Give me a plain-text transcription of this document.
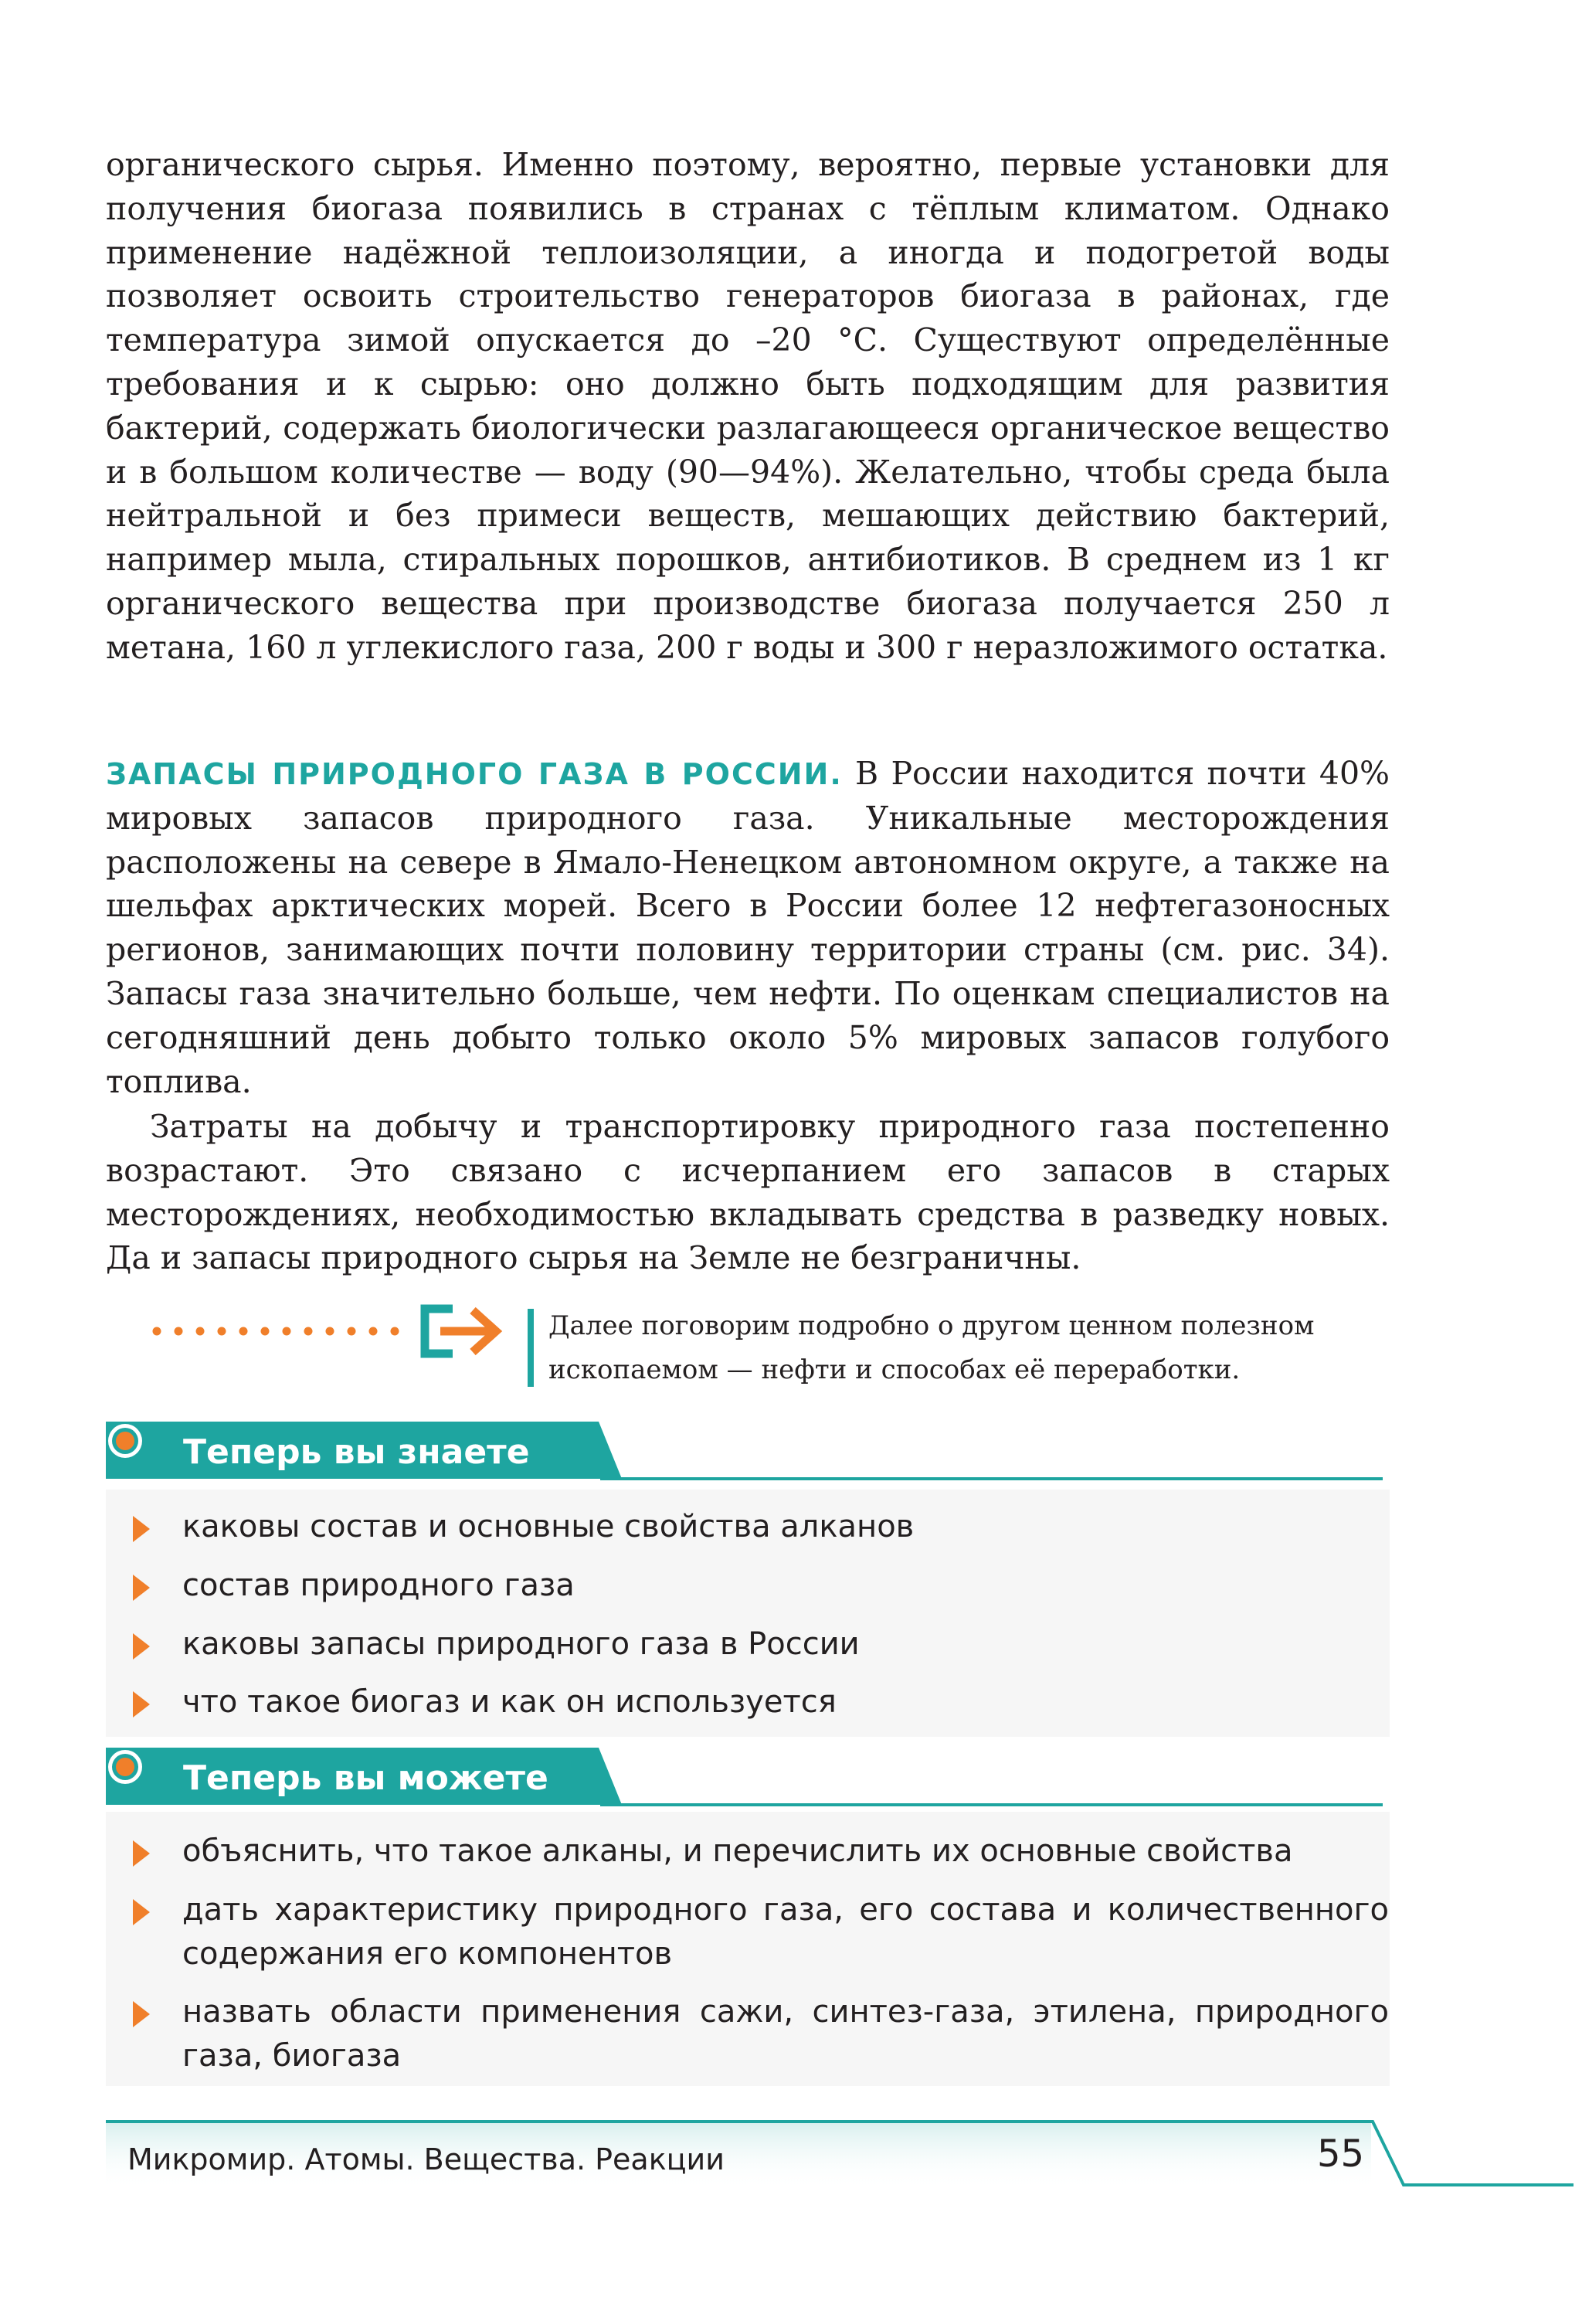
органического сырья. Именно поэтому, вероятно, первые установки для получения биогаза появились в странах с тёплым климатом. Однако применение надёжной теплоизоляции, а иногда и подогретой воды позволяет освоить строительство генераторов биогаза в районах, где температура зимой опускается до –20 °С. Существуют определённые требования и к сырью: оно должно быть подходящим для развития бактерий, содержать биологически разлагающееся органическое вещество и в большом количестве — воду (90—94%). Желательно, чтобы среда была нейтральной и без примеси веществ, мешающих действию бактерий, например мыла, стиральных порошков, антибиотиков. В среднем из 1 кг органического вещества при производстве биогаза получается 250 л метана, 160 л углекислого газа, 200 г воды и 300 г неразложимого остатка.

ЗАПАСЫ ПРИРОДНОГО ГАЗА В РОССИИ. В России находится почти 40% мировых запасов природного газа. Уникальные месторождения расположены на севере в Ямало-Ненецком автономном округе, а также на шельфах арктических морей. Всего в России более 12 нефтегазоносных регионов, занимающих почти половину территории страны (см. рис. 34). Запасы газа значительно больше, чем нефти. По оценкам специалистов на сегодняшний день добыто только около 5% мировых запасов голубого топлива.

Затраты на добычу и транспортировку природного газа постепенно возрастают. Это связано с исчерпанием его запасов в старых месторождениях, необходимостью вкладывать средства в разведку новых. Да и запасы природного сырья на Земле не безграничны.

Далее поговорим подробно о другом ценном полезном ископаемом — нефти и способах её переработки.

Теперь вы знаете
каковы состав и основные свойства алканов
состав природного газа
каковы запасы природного газа в России
что такое биогаз и как он используется
Теперь вы можете
объяснить, что такое алканы, и перечислить их основные свойства
дать характеристику природного газа, его состава и количественного содержания его компонентов
назвать области применения сажи, синтез-газа, этилена, природного газа, биогаза
Микромир. Атомы. Вещества. Реакции	55
